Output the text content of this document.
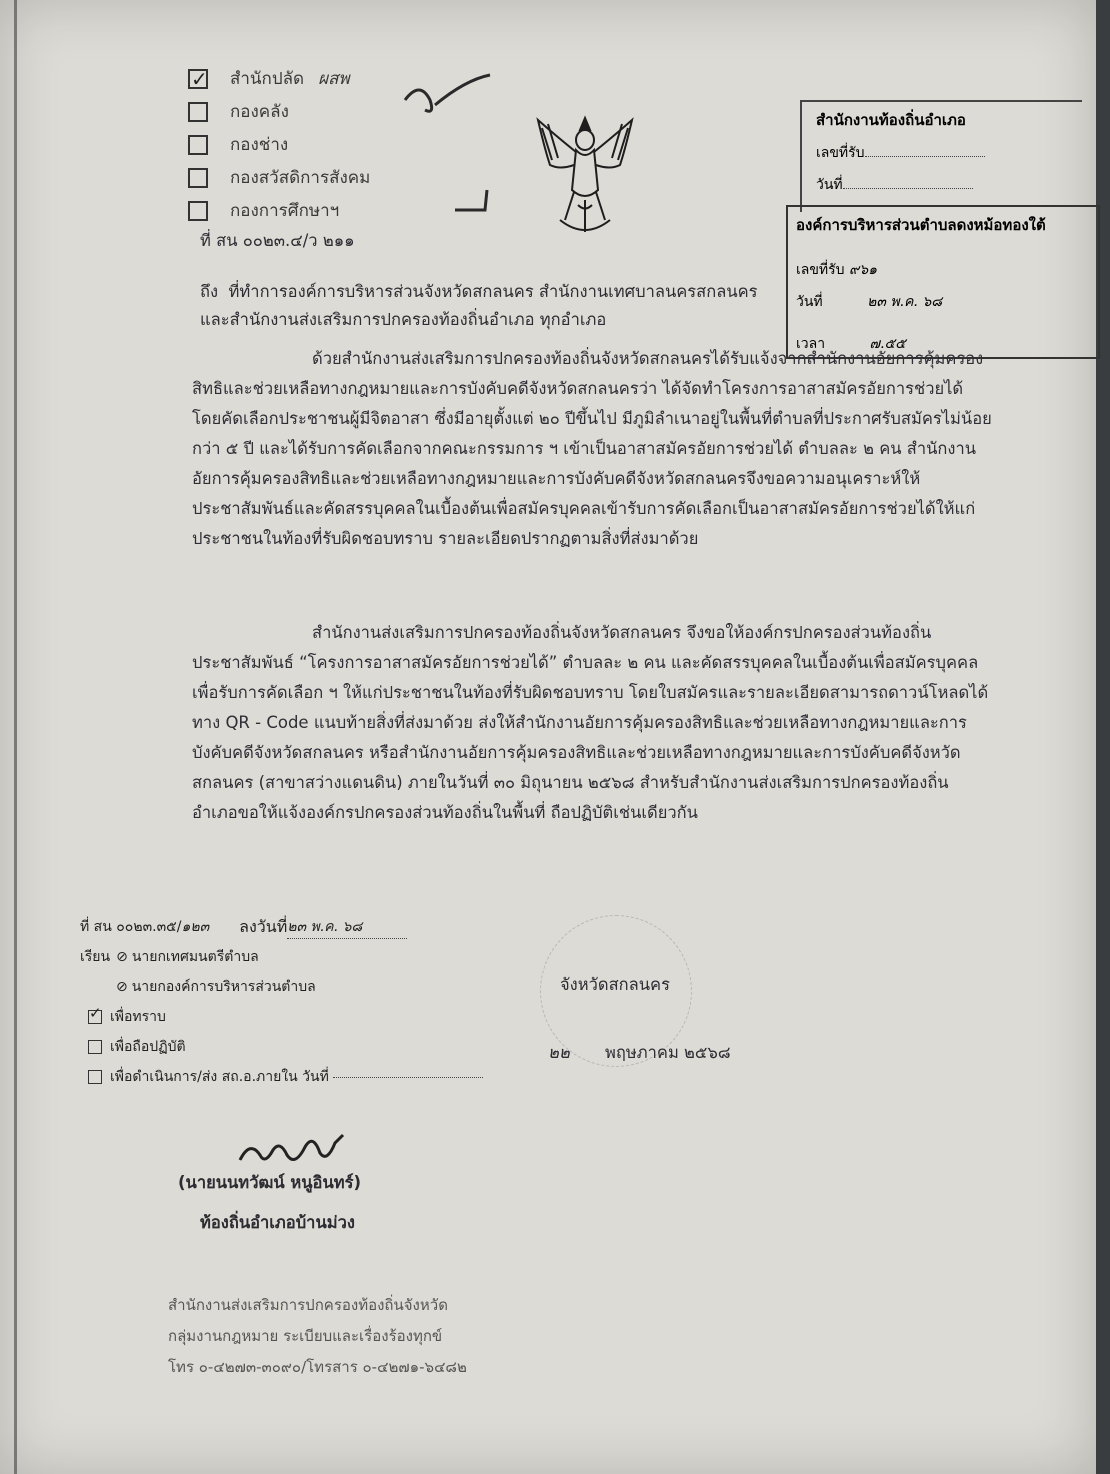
✓
สำนักปลัด ผสพ
กองคลัง
กองช่าง
กองสวัสดิการสังคม
กองการศึกษาฯ
สำนักงานท้องถิ่นอำเภอ
เลขที่รับ
วันที่
องค์การบริหารส่วนตำบลดงหม้อทองใต้
เลขที่รับ ๙๖๑
วันที่	๒๓ พ.ค. ๖๘
เวลา	๗.๕๕
ที่ สน ๐๐๒๓.๔/ว ๒๑๑
ถึง ที่ทำการองค์การบริหารส่วนจังหวัดสกลนคร สำนักงานเทศบาลนครสกลนคร และสำนักงานส่งเสริมการปกครองท้องถิ่นอำเภอ ทุกอำเภอ
ด้วยสำนักงานส่งเสริมการปกครองท้องถิ่นจังหวัดสกลนครได้รับแจ้งจากสำนักงานอัยการคุ้มครองสิทธิและช่วยเหลือทางกฎหมายและการบังคับคดีจังหวัดสกลนครว่า ได้จัดทำโครงการอาสาสมัครอัยการช่วยได้ โดยคัดเลือกประชาชนผู้มีจิตอาสา ซึ่งมีอายุตั้งแต่ ๒๐ ปีขึ้นไป มีภูมิลำเนาอยู่ในพื้นที่ตำบลที่ประกาศรับสมัครไม่น้อยกว่า ๕ ปี และได้รับการคัดเลือกจากคณะกรรมการ ฯ เข้าเป็นอาสาสมัครอัยการช่วยได้ ตำบลละ ๒ คน สำนักงานอัยการคุ้มครองสิทธิและช่วยเหลือทางกฎหมายและการบังคับคดีจังหวัดสกลนครจึงขอความอนุเคราะห์ให้ประชาสัมพันธ์และคัดสรรบุคคลในเบื้องต้นเพื่อสมัครบุคคลเข้ารับการคัดเลือกเป็นอาสาสมัครอัยการช่วยได้ให้แก่ประชาชนในท้องที่รับผิดชอบทราบ รายละเอียดปรากฏตามสิ่งที่ส่งมาด้วย
สำนักงานส่งเสริมการปกครองท้องถิ่นจังหวัดสกลนคร จึงขอให้องค์กรปกครองส่วนท้องถิ่นประชาสัมพันธ์ “โครงการอาสาสมัครอัยการช่วยได้” ตำบลละ ๒ คน และคัดสรรบุคคลในเบื้องต้นเพื่อสมัครบุคคลเพื่อรับการคัดเลือก ฯ ให้แก่ประชาชนในท้องที่รับผิดชอบทราบ โดยใบสมัครและรายละเอียดสามารถดาวน์โหลดได้ทาง QR - Code แนบท้ายสิ่งที่ส่งมาด้วย ส่งให้สำนักงานอัยการคุ้มครองสิทธิและช่วยเหลือทางกฎหมายและการบังคับคดีจังหวัดสกลนคร หรือสำนักงานอัยการคุ้มครองสิทธิและช่วยเหลือทางกฎหมายและการบังคับคดีจังหวัดสกลนคร (สาขาสว่างแดนดิน) ภายในวันที่ ๓๐ มิถุนายน ๒๕๖๘ สำหรับสำนักงานส่งเสริมการปกครองท้องถิ่นอำเภอขอให้แจ้งองค์กรปกครองส่วนท้องถิ่นในพื้นที่ ถือปฏิบัติเช่นเดียวกัน
จังหวัดสกลนคร
๒๒ พฤษภาคม ๒๕๖๘
ที่ สน ๐๐๒๓.๓๕/ ๑๒๓ ลงวันที่ ๒๓ พ.ค. ๖๘
เรียน ⊘ นายกเทศมนตรีตำบล
⊘ นายกองค์การบริหารส่วนตำบล
✓
เพื่อทราบ
เพื่อถือปฏิบัติ
เพื่อดำเนินการ/ส่ง สถ.อ.ภายใน วันที่
(นายนนทวัฒน์ หนูอินทร์)
ท้องถิ่นอำเภอบ้านม่วง
สำนักงานส่งเสริมการปกครองท้องถิ่นจังหวัด
กลุ่มงานกฎหมาย ระเบียบและเรื่องร้องทุกข์
โทร ๐-๔๒๗๓-๓๐๙๐/โทรสาร ๐-๔๒๗๑-๖๔๘๒
